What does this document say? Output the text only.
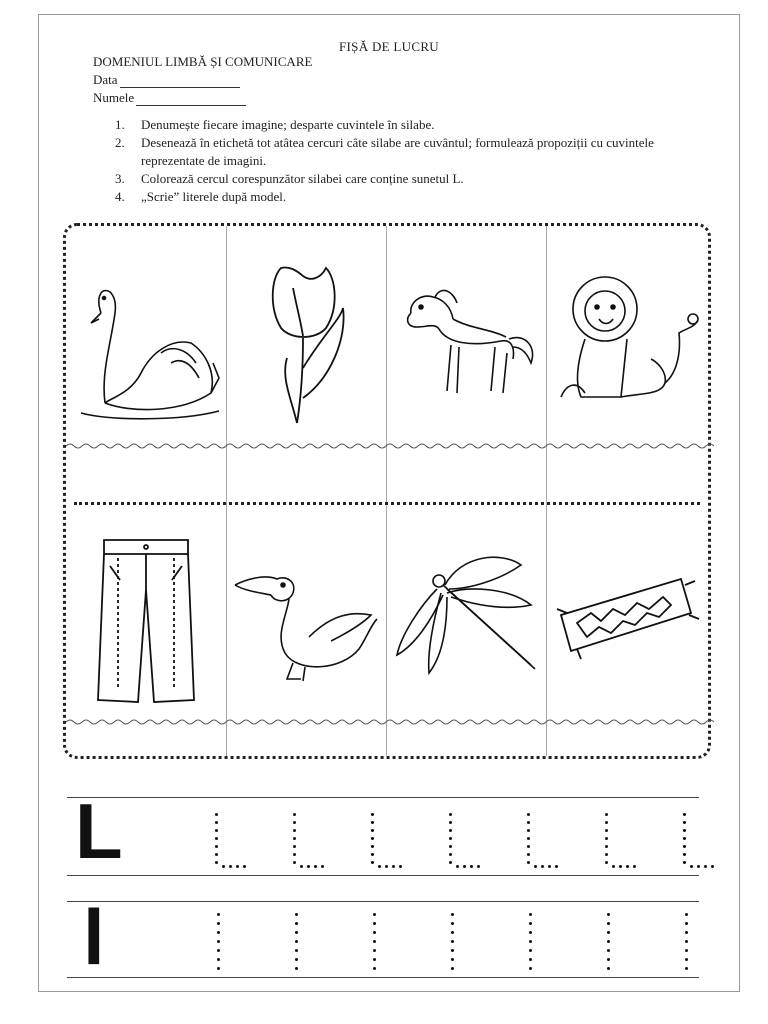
FIȘĂ DE LUCRU
DOMENIUL LIMBĂ ȘI COMUNICARE
Data
Numele
1. Denumește fiecare imagine; desparte cuvintele în silabe.
2. Desenează în etichetă tot atâtea cercuri câte silabe are cuvântul; formulează propoziții cu cuvintele reprezentate de imagini.
3. Colorează cercul corespunzător silabei care conține sunetul L.
4. „Scrie” literele după model.
L
l
